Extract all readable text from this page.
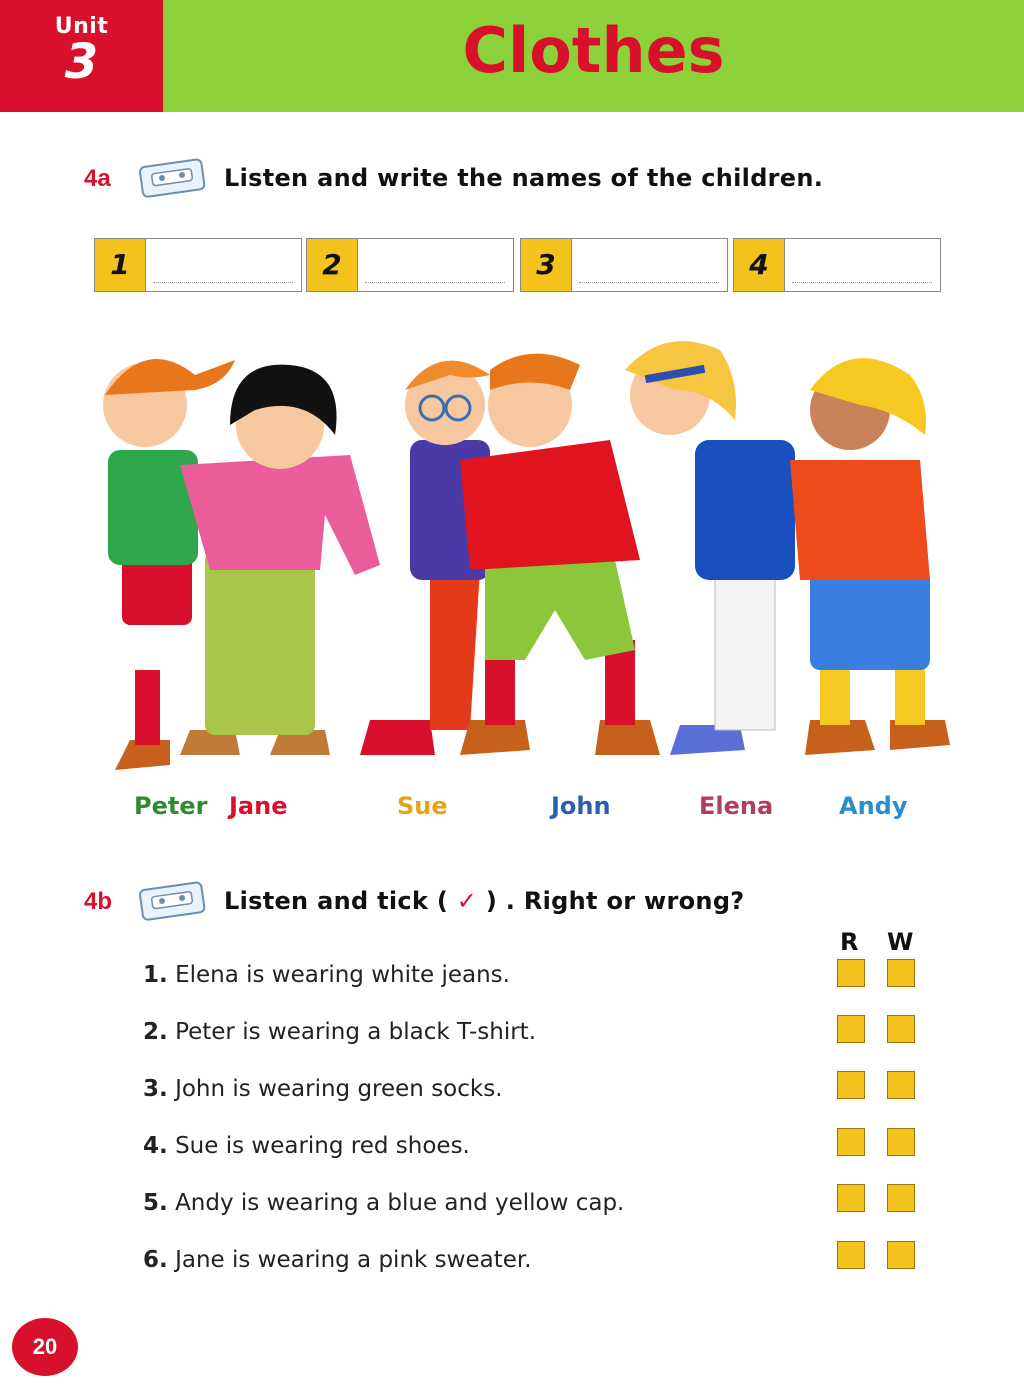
Unit
3	Clothes
4a	Listen and write the names of the children.
1	2	3	4
Peter Jane	Sue	John	Elena	Andy
4b	Listen and tick ( ✓ ) . Right or wrong?
R W
1. Elena is wearing white jeans.
2. Peter is wearing a black T-shirt.
3. John is wearing green socks.
4. Sue is wearing red shoes.
5. Andy is wearing a blue and yellow cap.
6. Jane is wearing a pink sweater.
20
